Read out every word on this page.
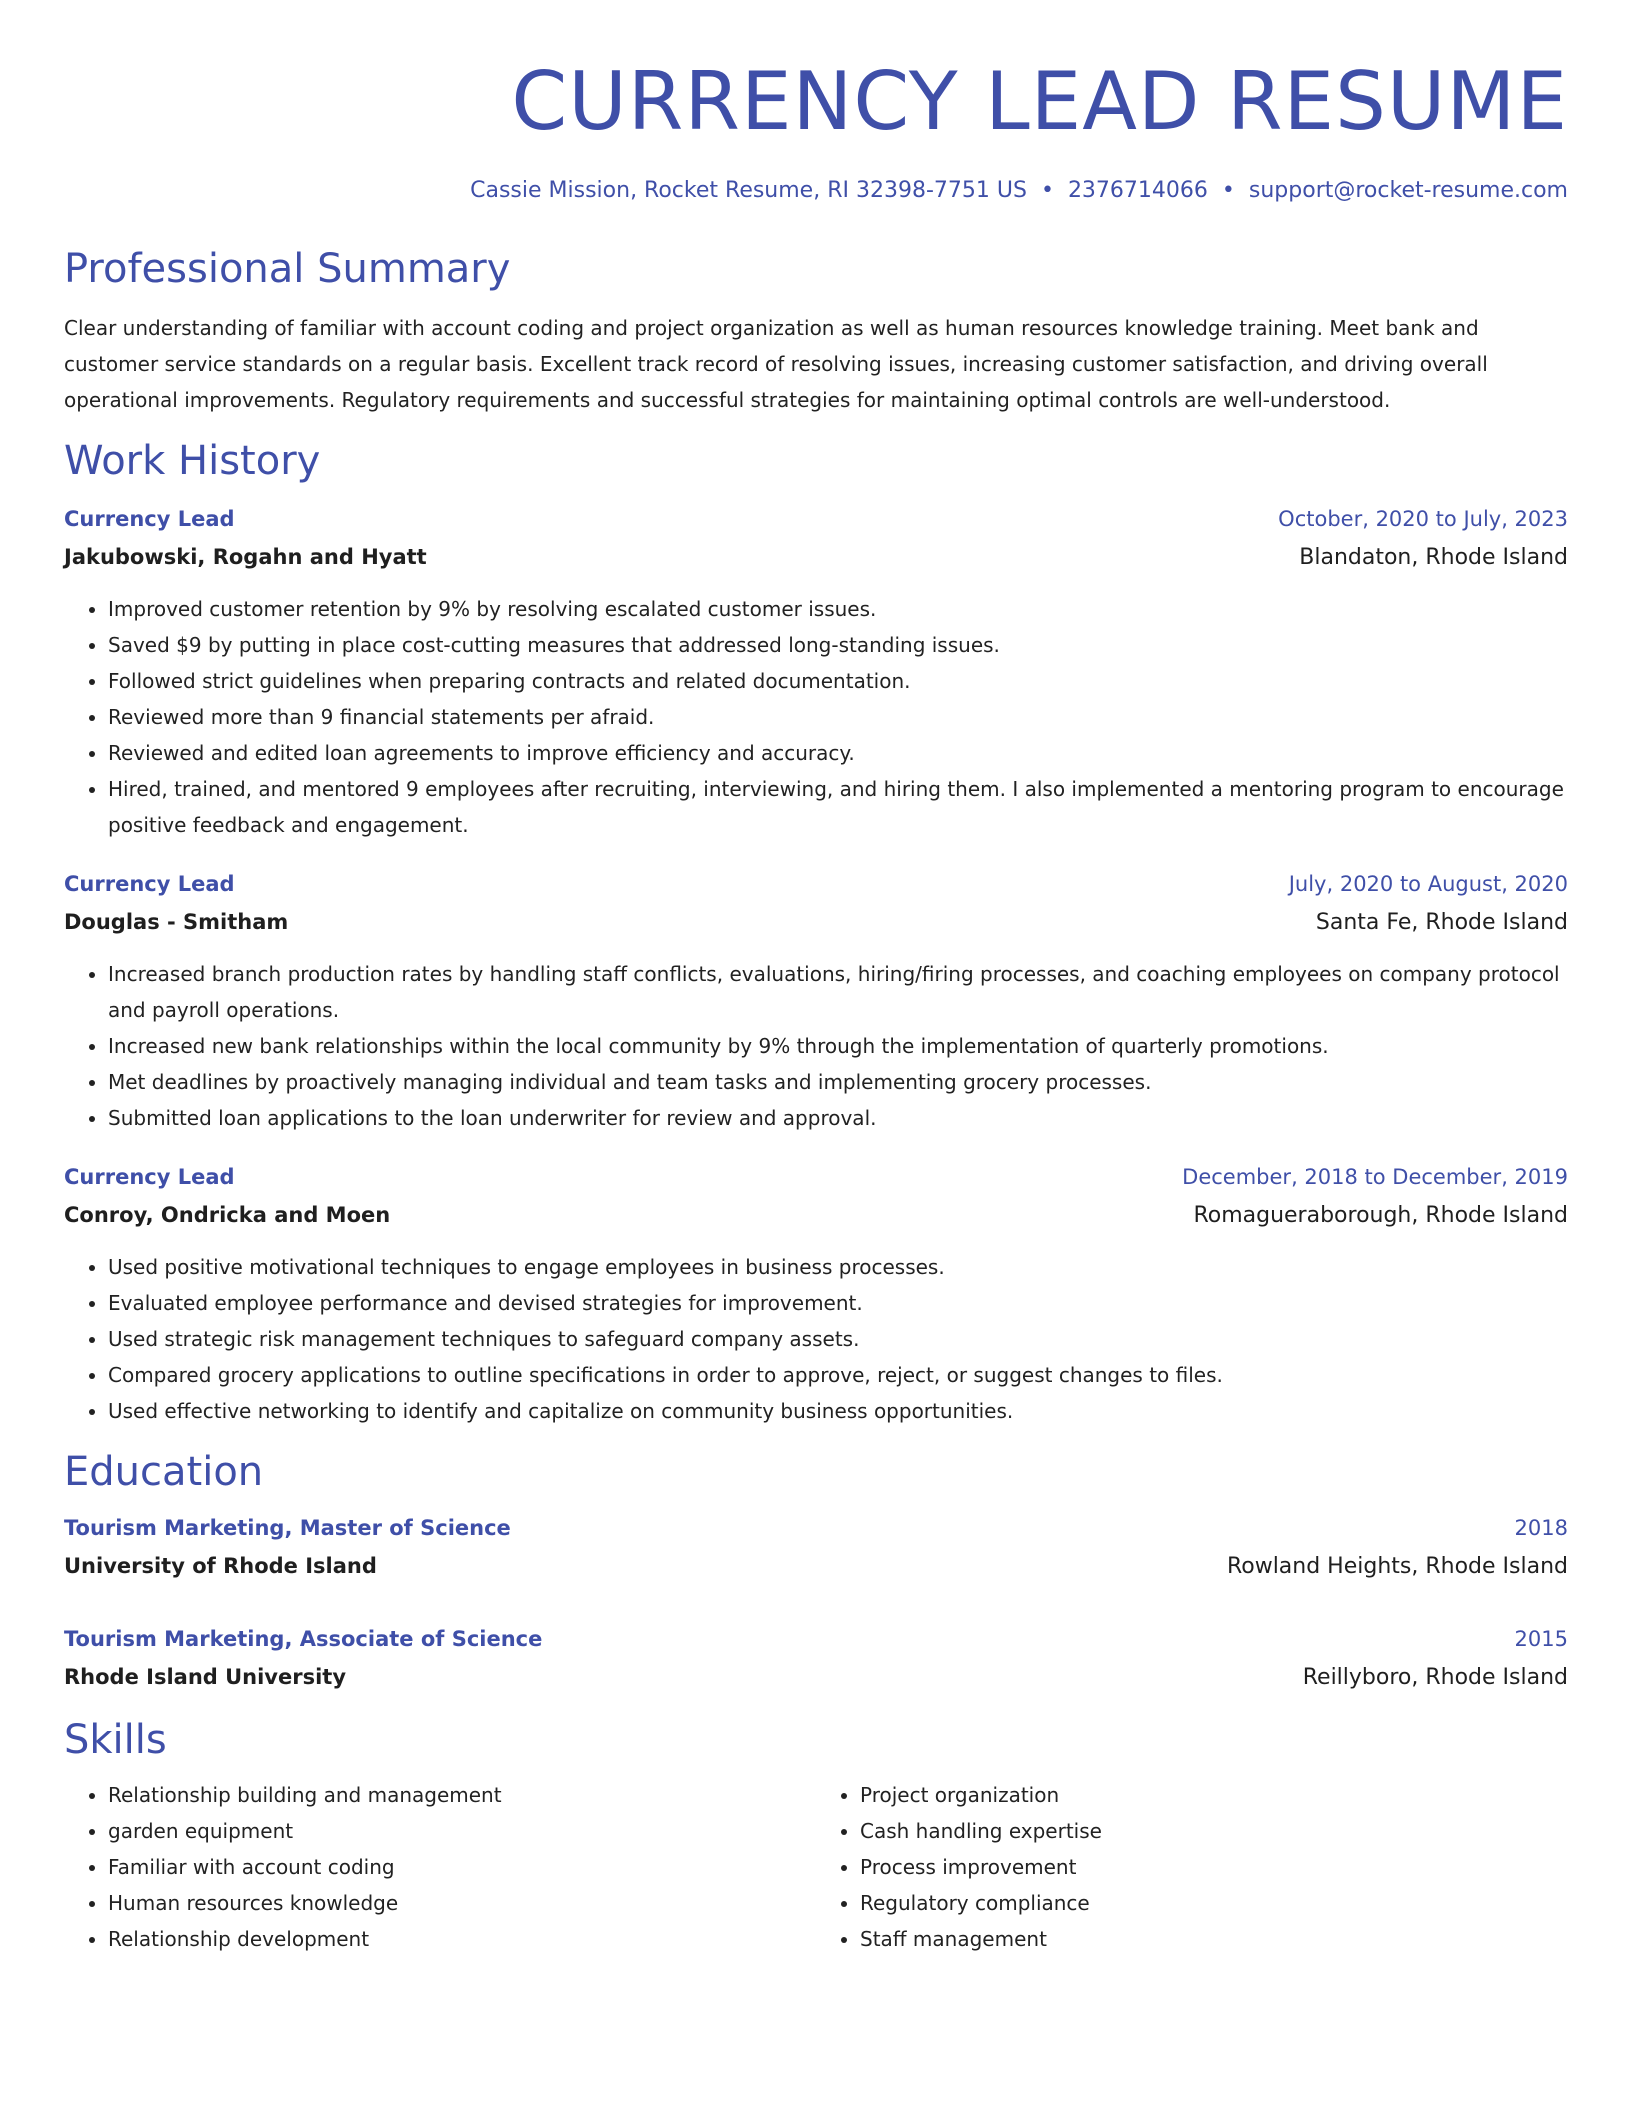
CURRENCY LEAD RESUME
Cassie Mission, Rocket Resume, RI 32398-7751 US • 2376714066 • support@rocket-resume.com
Professional Summary

Clear understanding of familiar with account coding and project organization as well as human resources knowledge training. Meet bank and customer service standards on a regular basis. Excellent track record of resolving issues, increasing customer satisfaction, and driving overall operational improvements. Regulatory requirements and successful strategies for maintaining optimal controls are well-understood.

Work History
Currency Lead	October, 2020 to July, 2023
Jakubowski, Rogahn and Hyatt	Blandaton, Rhode Island
• Improved customer retention by 9% by resolving escalated customer issues.
• Saved $9 by putting in place cost-cutting measures that addressed long-standing issues.
• Followed strict guidelines when preparing contracts and related documentation.
• Reviewed more than 9 financial statements per afraid.
• Reviewed and edited loan agreements to improve efficiency and accuracy.
• Hired, trained, and mentored 9 employees after recruiting, interviewing, and hiring them. I also implemented a mentoring program to encourage positive feedback and engagement.
Currency Lead	July, 2020 to August, 2020
Douglas - Smitham	Santa Fe, Rhode Island
• Increased branch production rates by handling staff conflicts, evaluations, hiring/firing processes, and coaching employees on company protocol and payroll operations.
• Increased new bank relationships within the local community by 9% through the implementation of quarterly promotions.
• Met deadlines by proactively managing individual and team tasks and implementing grocery processes.
• Submitted loan applications to the loan underwriter for review and approval.
Currency Lead	December, 2018 to December, 2019
Conroy, Ondricka and Moen	Romagueraborough, Rhode Island
• Used positive motivational techniques to engage employees in business processes.
• Evaluated employee performance and devised strategies for improvement.
• Used strategic risk management techniques to safeguard company assets.
• Compared grocery applications to outline specifications in order to approve, reject, or suggest changes to files.
• Used effective networking to identify and capitalize on community business opportunities.
Education
Tourism Marketing, Master of Science	2018
University of Rhode Island	Rowland Heights, Rhode Island
Tourism Marketing, Associate of Science	2015
Rhode Island University	Reillyboro, Rhode Island
Skills
• Relationship building and management
• garden equipment
• Familiar with account coding
• Human resources knowledge
• Relationship development
• Project organization
• Cash handling expertise
• Process improvement
• Regulatory compliance
• Staff management
